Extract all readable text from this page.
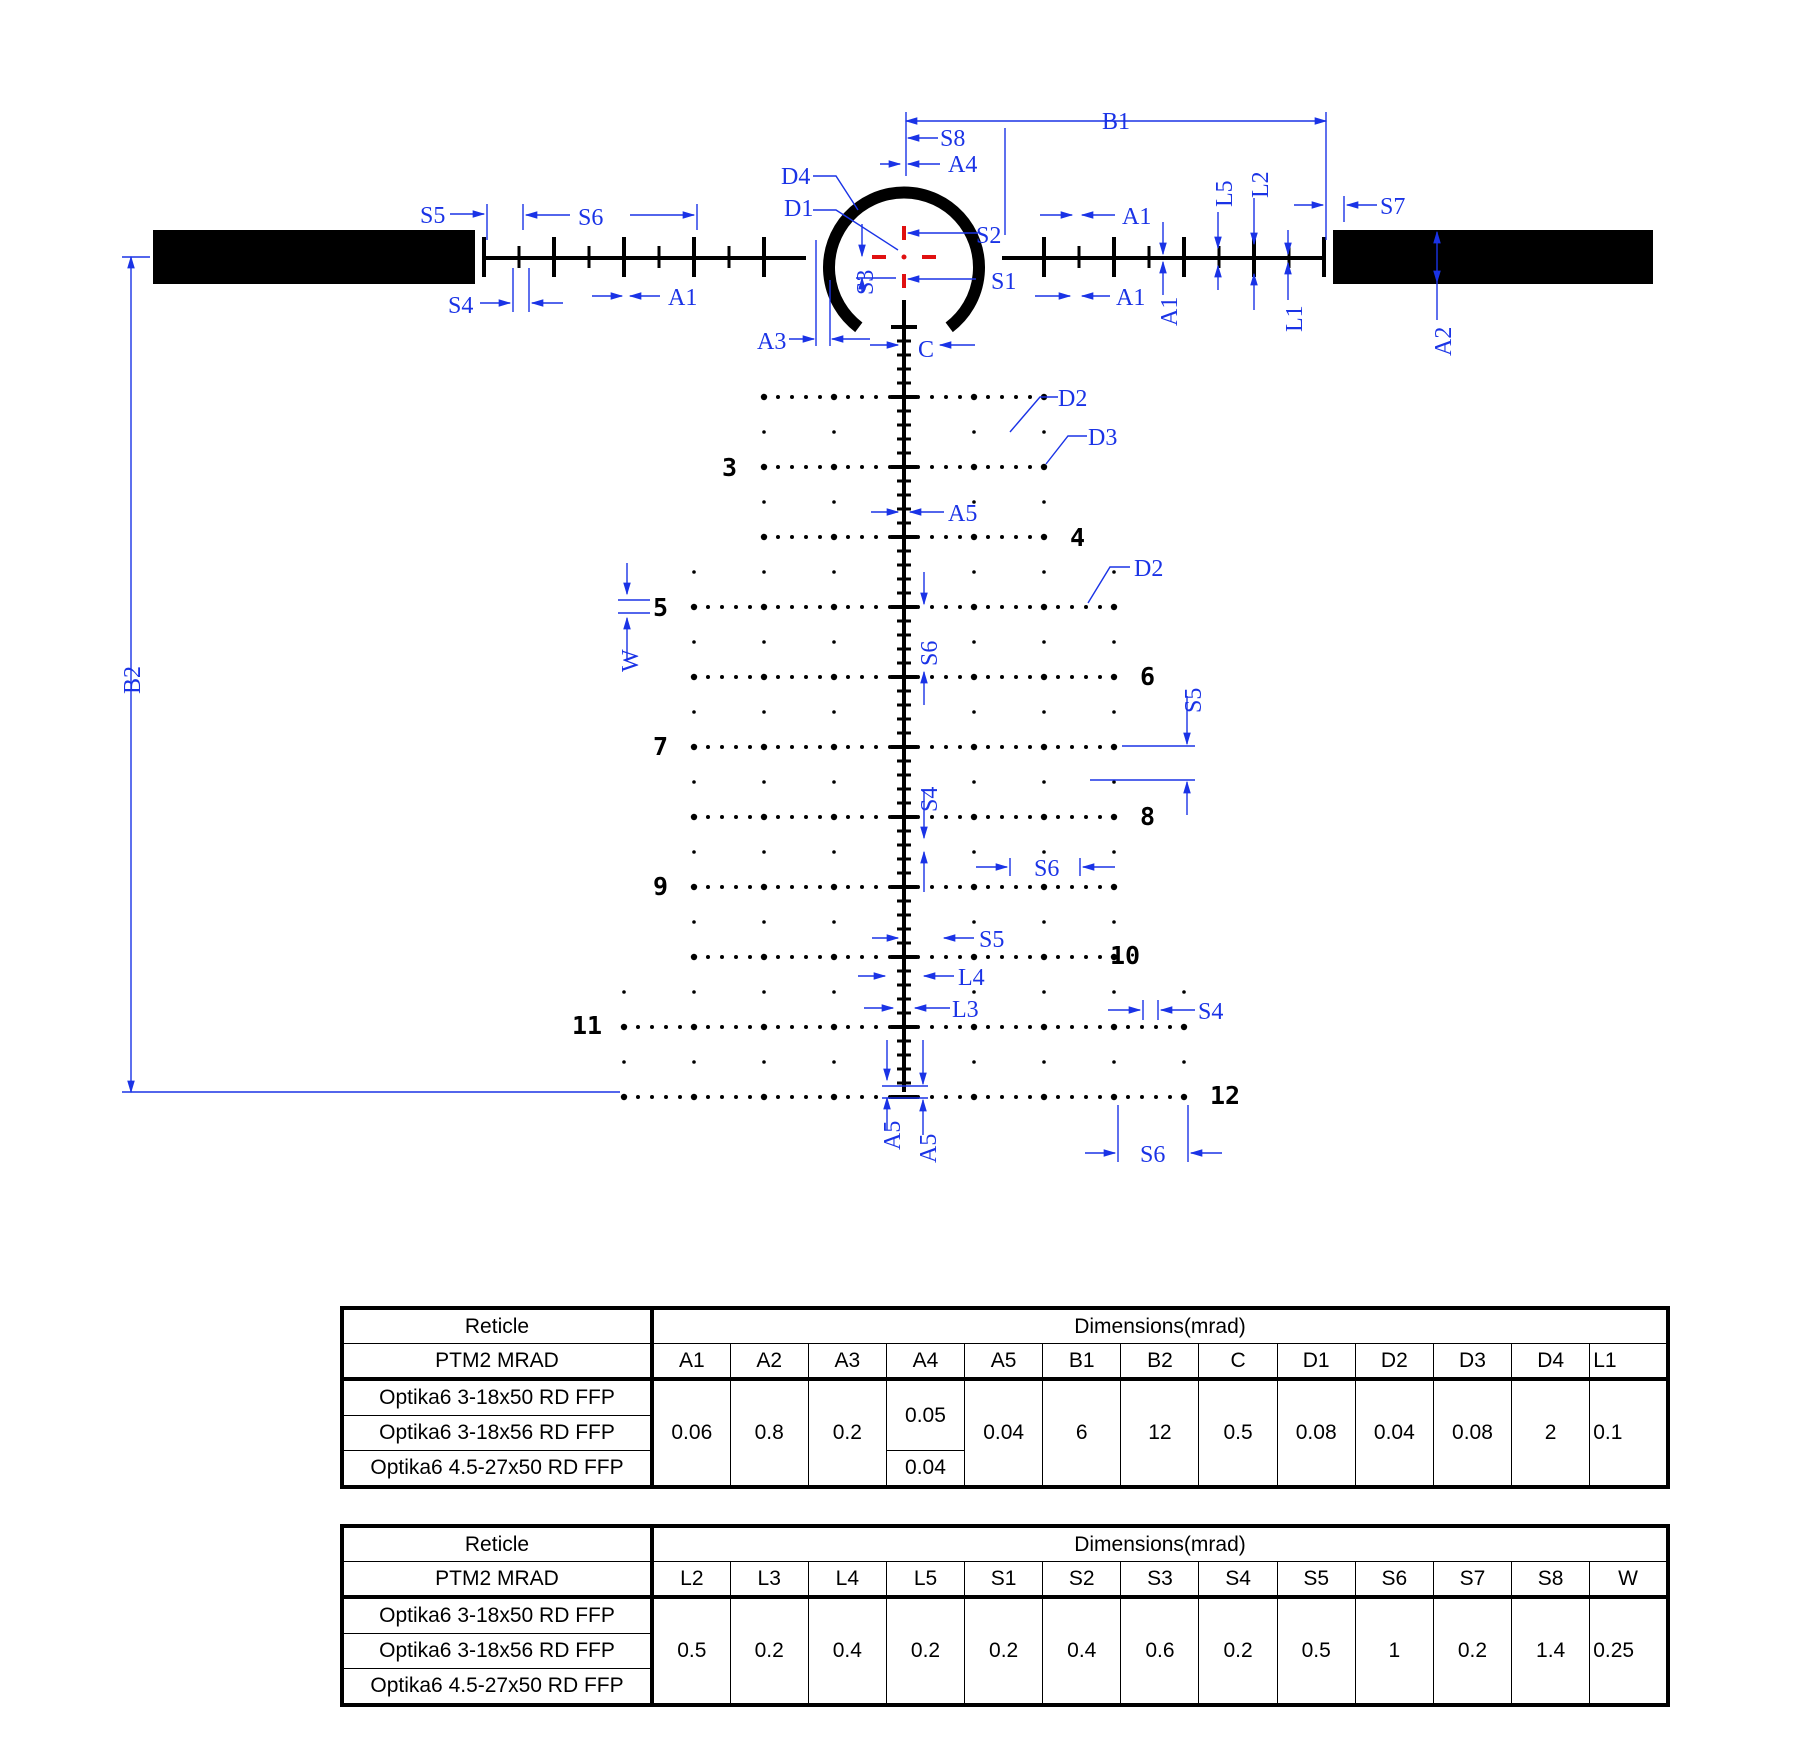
3
4
5
6
7
8
9
10
11
12
B1
S8
A4
D4
D1
S2
S1
S3
A3	C
S5	S6
S4	A1
A1
A1 A1
L5 L2
L1
S7
A2
B2
D2
D3
A5
D2
W	S6
S5
S4
S6
S5
L4
L3	S4
A5 A5	S6
Reticle	Dimensions(mrad)												
PTM2 MRAD	A1	A2	A3	A4	A5	B1	B2	C	D1	D2	D3	D4	L1
Optika6 3-18x50 RD FFP	0.06	0.8	0.2	0.05	0.04	6	12	0.5	0.08	0.04	0.08	2	0.1
Optika6 3-18x56 RD FFP													
Optika6 4.5-27x50 RD FFP				0.04									
Reticle	Dimensions(mrad)												
PTM2 MRAD	L2	L3	L4	L5	S1	S2	S3	S4	S5	S6	S7	S8	W
Optika6 3-18x50 RD FFP	0.5	0.2	0.4	0.2	0.2	0.4	0.6	0.2	0.5	1	0.2	1.4	0.25
Optika6 3-18x56 RD FFP													
Optika6 4.5-27x50 RD FFP													
